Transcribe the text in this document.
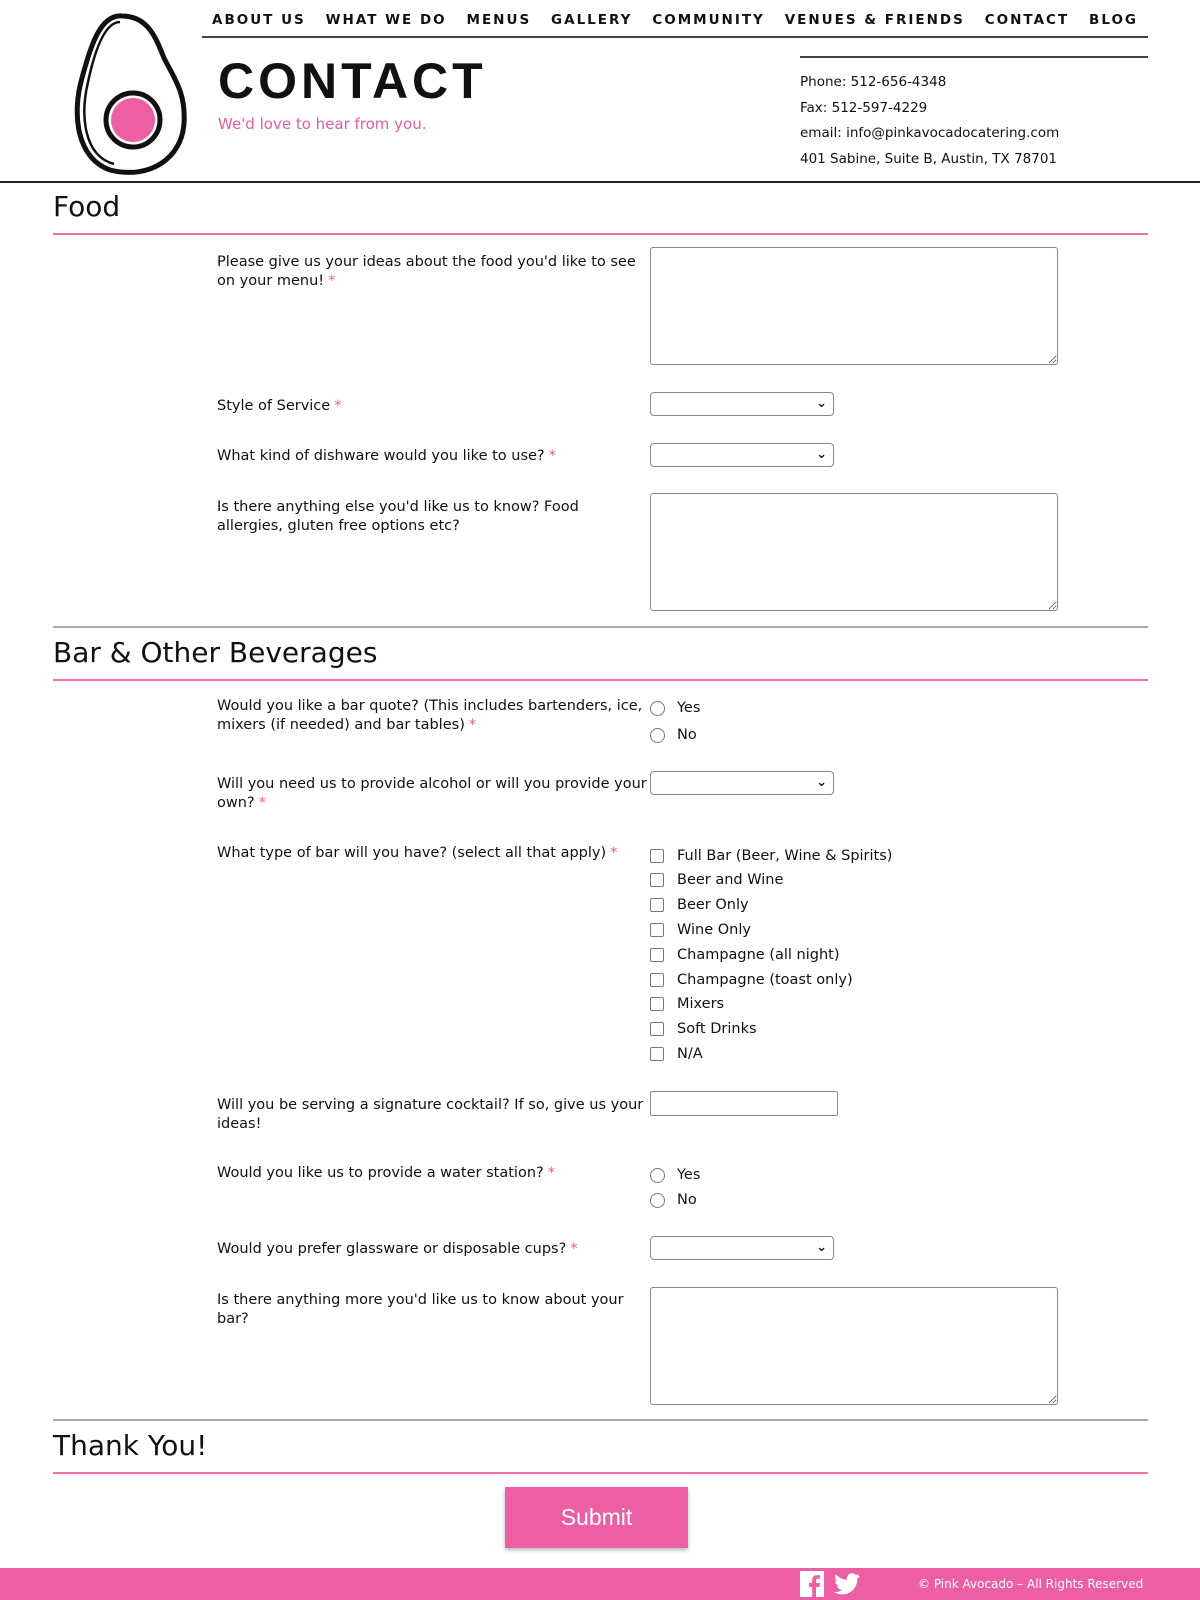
ABOUT US WHAT WE DO MENUS GALLERY COMMUNITY VENUES & FRIENDS CONTACT BLOG
CONTACT
We'd love to hear from you.
Phone: 512-656-4348
Fax: 512-597-4229
email: info@pinkavocadocatering.com
401 Sabine, Suite B, Austin, TX 78701
Food
Please give us your ideas about the food you'd like to see on your menu! *
Style of Service *	⌄
What kind of dishware would you like to use? *	⌄
Is there anything else you'd like us to know? Food allergies, gluten free options etc?
Bar & Other Beverages
Would you like a bar quote? (This includes bartenders, ice, mixers (if needed) and bar tables) *
Yes
No
Will you need us to provide alcohol or will you provide your own? *
⌄
What type of bar will you have? (select all that apply) *	Full Bar (Beer, Wine & Spirits)
Beer and Wine
Beer Only
Wine Only
Champagne (all night)
Champagne (toast only)
Mixers
Soft Drinks
N/A
Will you be serving a signature cocktail? If so, give us your ideas!
Would you like us to provide a water station? *	Yes
No
Would you prefer glassware or disposable cups? *	⌄
Is there anything more you'd like us to know about your bar?
Thank You!
Submit
© Pink Avocado – All Rights Reserved
